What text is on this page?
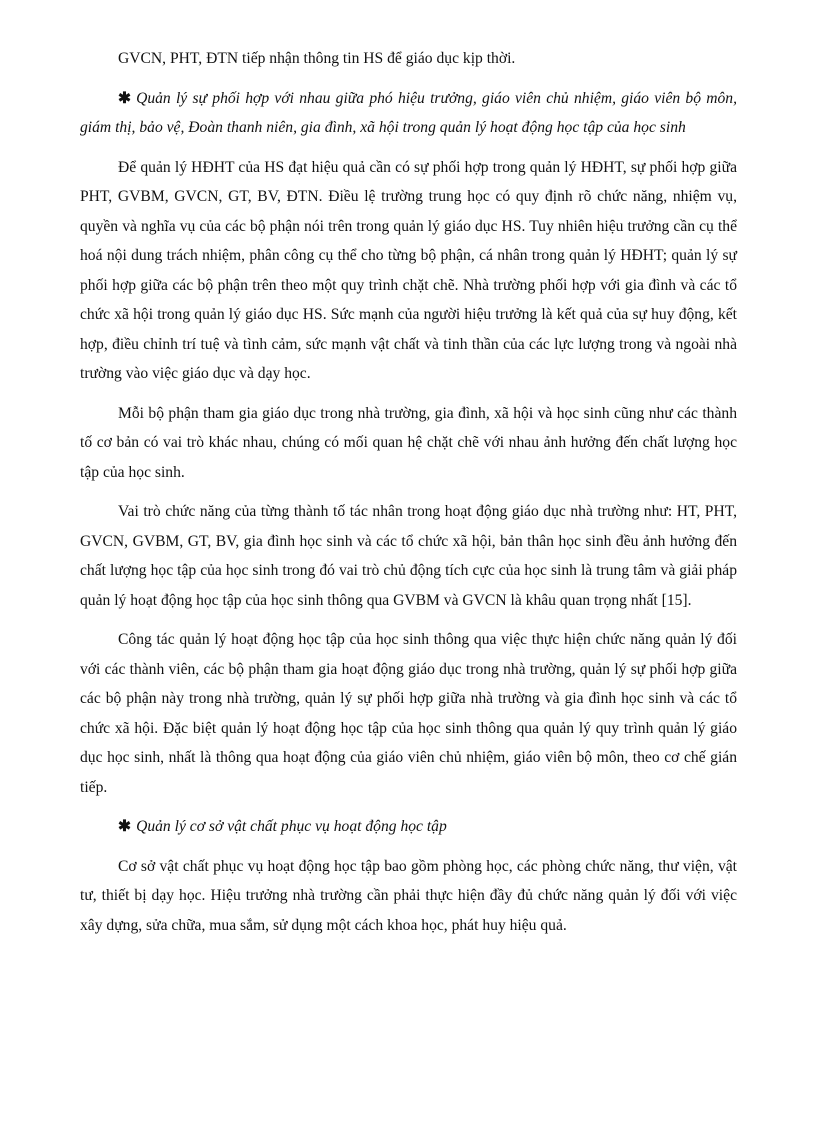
GVCN, PHT, ĐTN tiếp nhận thông tin HS để giáo dục kịp thời.

✱ Quản lý sự phối hợp với nhau giữa phó hiệu trưởng, giáo viên chủ nhiệm, giáo viên bộ môn, giám thị, bảo vệ, Đoàn thanh niên, gia đình, xã hội trong quản lý hoạt động học tập của học sinh

Để quản lý HĐHT của HS đạt hiệu quả cần có sự phối hợp trong quản lý HĐHT, sự phối hợp giữa PHT, GVBM, GVCN, GT, BV, ĐTN. Điều lệ trường trung học có quy định rõ chức năng, nhiệm vụ, quyền và nghĩa vụ của các bộ phận nói trên trong quản lý giáo dục HS. Tuy nhiên hiệu trưởng cần cụ thể hoá nội dung trách nhiệm, phân công cụ thể cho từng bộ phận, cá nhân trong quản lý HĐHT; quản lý sự phối hợp giữa các bộ phận trên theo một quy trình chặt chẽ. Nhà trường phối hợp với gia đình và các tổ chức xã hội trong quản lý giáo dục HS. Sức mạnh của người hiệu trưởng là kết quả của sự huy động, kết hợp, điều chỉnh trí tuệ và tình cảm, sức mạnh vật chất và tinh thần của các lực lượng trong và ngoài nhà trường vào việc giáo dục và dạy học.

Mỗi bộ phận tham gia giáo dục trong nhà trường, gia đình, xã hội và học sinh cũng như các thành tố cơ bản có vai trò khác nhau, chúng có mối quan hệ chặt chẽ với nhau ảnh hưởng đến chất lượng học tập của học sinh.

Vai trò chức năng của từng thành tố tác nhân trong hoạt động giáo dục nhà trường như: HT, PHT, GVCN, GVBM, GT, BV, gia đình học sinh và các tổ chức xã hội, bản thân học sinh đều ảnh hưởng đến chất lượng học tập của học sinh trong đó vai trò chủ động tích cực của học sinh là trung tâm và giải pháp quản lý hoạt động học tập của học sinh thông qua GVBM và GVCN là khâu quan trọng nhất [15].

Công tác quản lý hoạt động học tập của học sinh thông qua việc thực hiện chức năng quản lý đối với các thành viên, các bộ phận tham gia hoạt động giáo dục trong nhà trường, quản lý sự phối hợp giữa các bộ phận này trong nhà trường, quản lý sự phối hợp giữa nhà trường và gia đình học sinh và các tổ chức xã hội. Đặc biệt quản lý hoạt động học tập của học sinh thông qua quản lý quy trình quản lý giáo dục học sinh, nhất là thông qua hoạt động của giáo viên chủ nhiệm, giáo viên bộ môn, theo cơ chế gián tiếp.

✱ Quản lý cơ sở vật chất phục vụ hoạt động học tập

Cơ sở vật chất phục vụ hoạt động học tập bao gồm phòng học, các phòng chức năng, thư viện, vật tư, thiết bị dạy học. Hiệu trưởng nhà trường cần phải thực hiện đầy đủ chức năng quản lý đối với việc xây dựng, sửa chữa, mua sắm, sử dụng một cách khoa học, phát huy hiệu quả.
